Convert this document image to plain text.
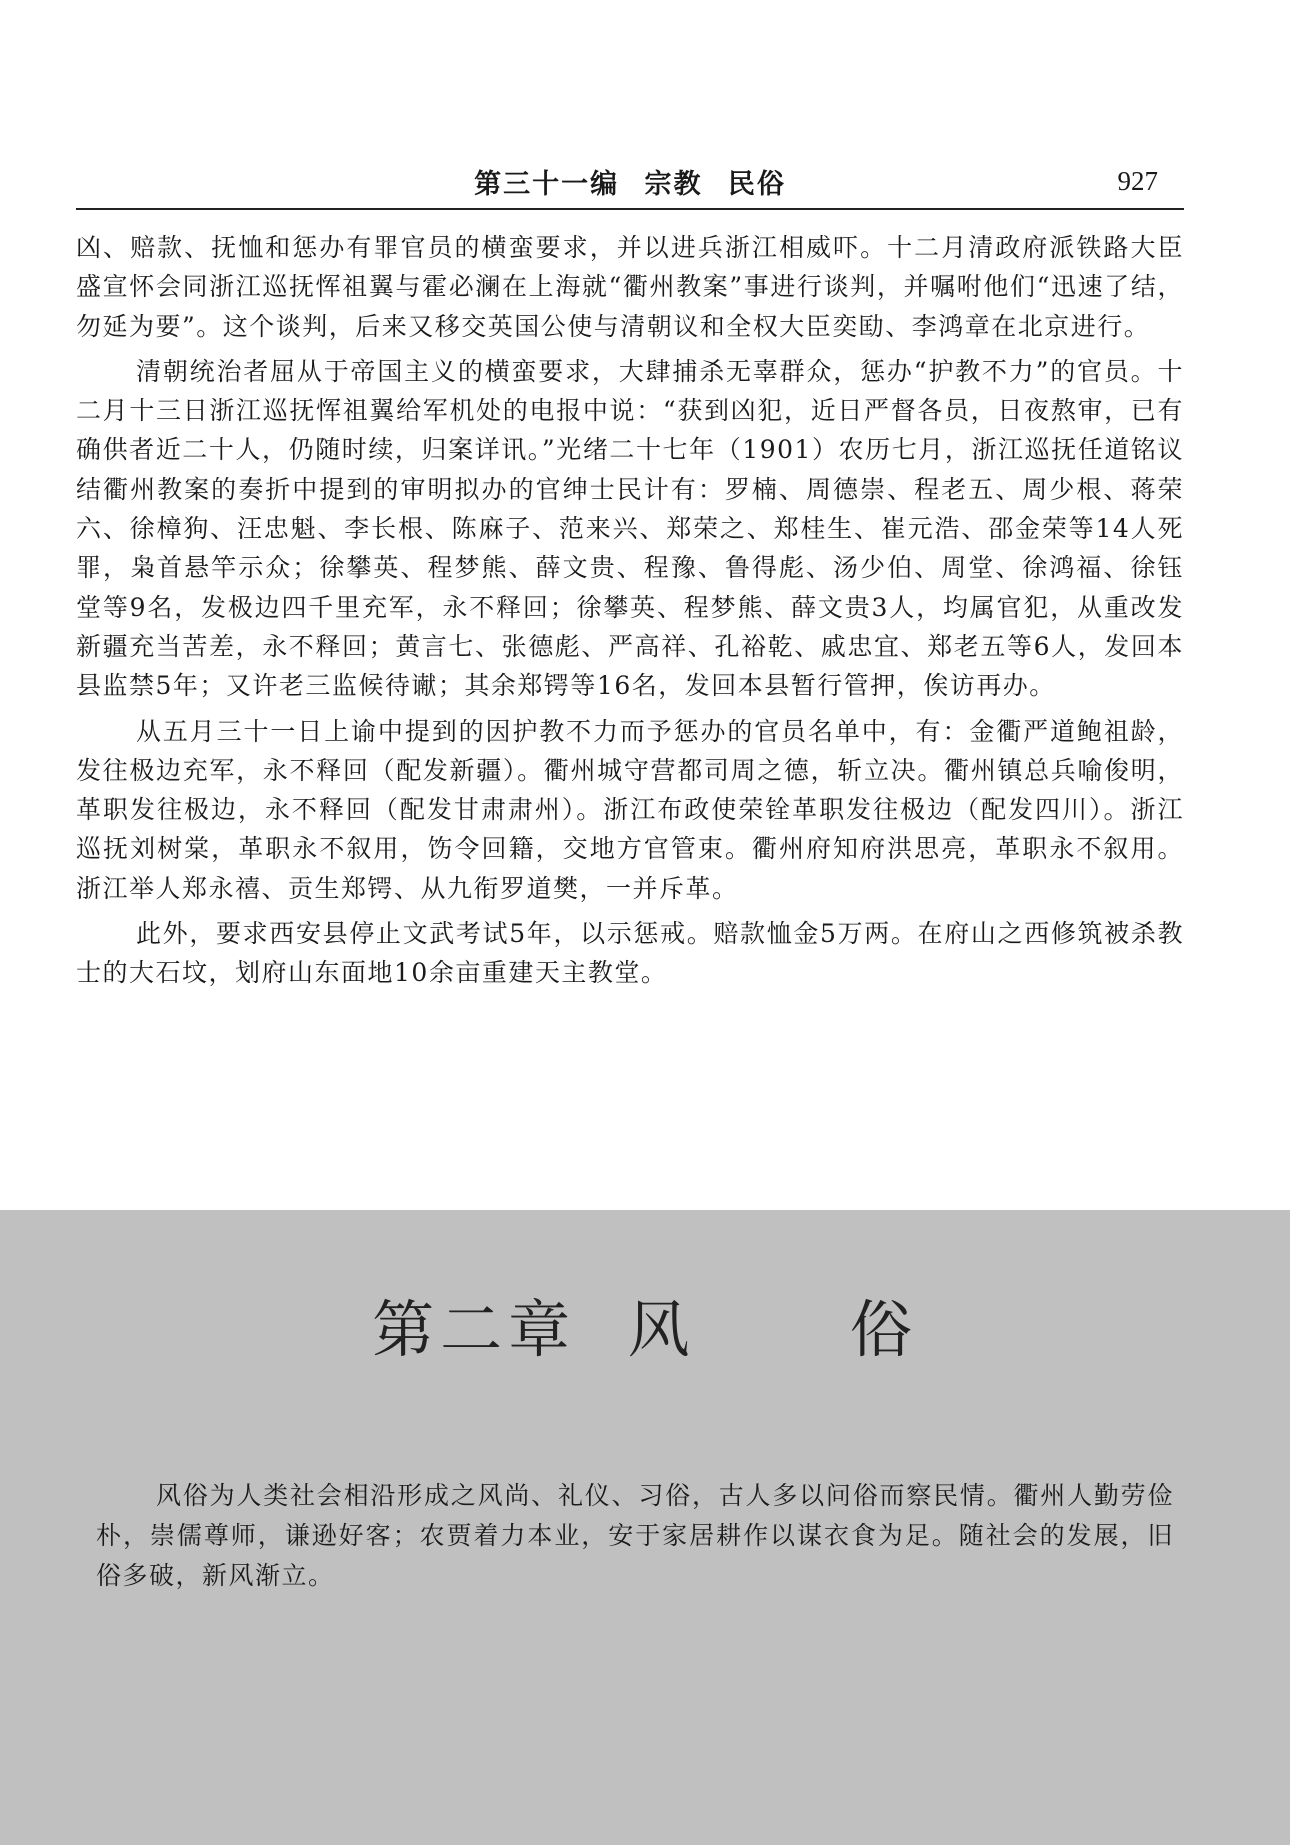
第三十一编 宗教 民俗	927

凶、赔款、抚恤和惩办有罪官员的横蛮要求，并以进兵浙江相威吓。十二月清政府派铁路大臣盛宣怀会同浙江巡抚恽祖翼与霍必澜在上海就“衢州教案”事进行谈判，并嘱咐他们“迅速了结，勿延为要”。这个谈判，后来又移交英国公使与清朝议和全权大臣奕劻、李鸿章在北京进行。

清朝统治者屈从于帝国主义的横蛮要求，大肆捕杀无辜群众，惩办“护教不力”的官员。十二月十三日浙江巡抚恽祖翼给军机处的电报中说：“获到凶犯，近日严督各员，日夜熬审，已有确供者近二十人，仍随时续，归案详讯。”光绪二十七年（1901）农历七月，浙江巡抚任道铭议结衢州教案的奏折中提到的审明拟办的官绅士民计有：罗楠、周德崇、程老五、周少根、蒋荣六、徐樟狗、汪忠魁、李长根、陈麻子、范来兴、郑荣之、郑桂生、崔元浩、邵金荣等14人死罪，枭首悬竿示众；徐攀英、程梦熊、薛文贵、程豫、鲁得彪、汤少伯、周堂、徐鸿福、徐钰堂等9名，发极边四千里充军，永不释回；徐攀英、程梦熊、薛文贵3人，均属官犯，从重改发新疆充当苦差，永不释回；黄言七、张德彪、严高祥、孔裕乾、戚忠宜、郑老五等6人，发回本县监禁5年；又许老三监候待谳；其余郑锷等16名，发回本县暂行管押，俟访再办。

从五月三十一日上谕中提到的因护教不力而予惩办的官员名单中，有：金衢严道鲍祖龄，发往极边充军，永不释回（配发新疆）。衢州城守营都司周之德，斩立决。衢州镇总兵喻俊明，革职发往极边，永不释回（配发甘肃肃州）。浙江布政使荣铨革职发往极边（配发四川）。浙江巡抚刘树棠，革职永不叙用，饬令回籍，交地方官管束。衢州府知府洪思亮，革职永不叙用。浙江举人郑永禧、贡生郑锷、从九衔罗道樊，一并斥革。

此外，要求西安县停止文武考试5年，以示惩戒。赔款恤金5万两。在府山之西修筑被杀教士的大石坟，划府山东面地10余亩重建天主教堂。

第二章  风      俗

风俗为人类社会相沿形成之风尚、礼仪、习俗，古人多以问俗而察民情。衢州人勤劳俭朴，崇儒尊师，谦逊好客；农贾着力本业，安于家居耕作以谋衣食为足。随社会的发展，旧俗多破，新风渐立。
